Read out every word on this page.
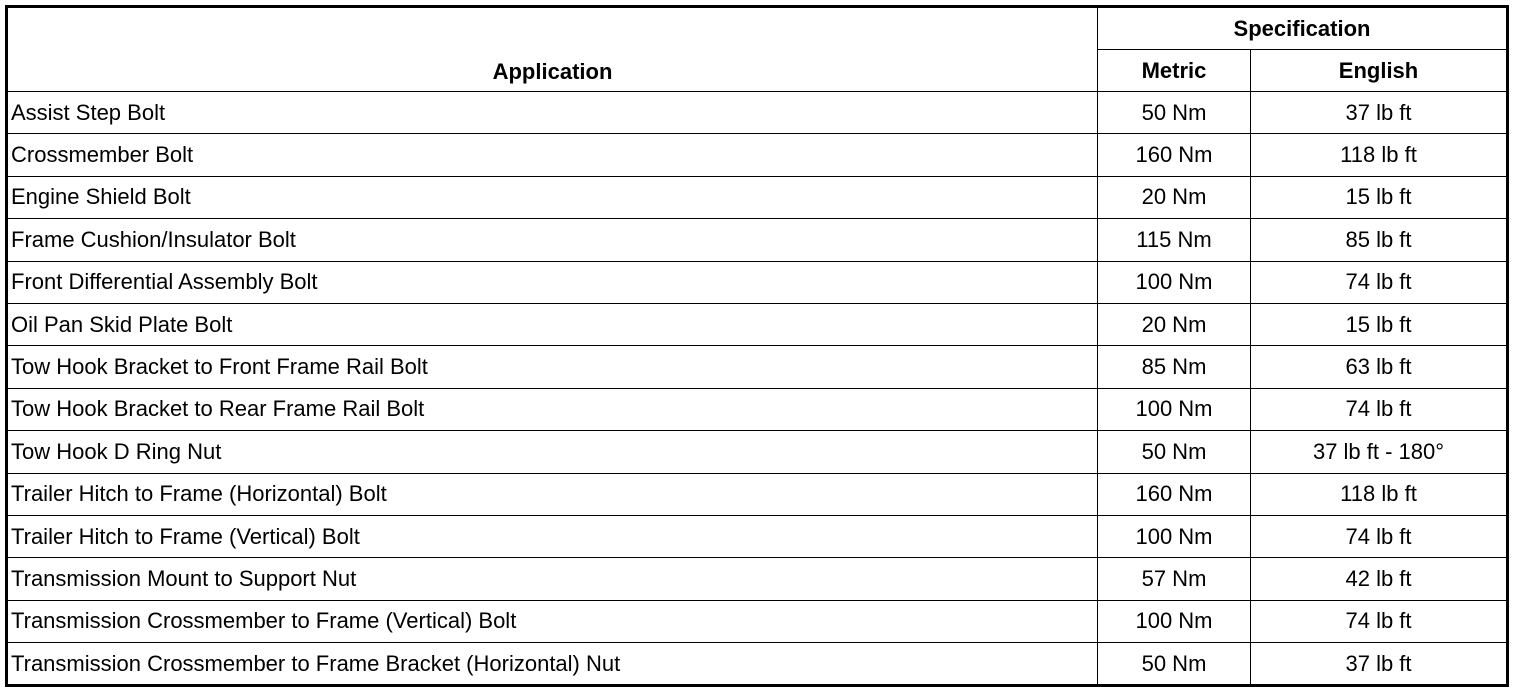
Application	Specification	
	Metric	English
Assist Step Bolt	50 Nm	37 lb ft
Crossmember Bolt	160 Nm	118 lb ft
Engine Shield Bolt	20 Nm	15 lb ft
Frame Cushion/Insulator Bolt	115 Nm	85 lb ft
Front Differential Assembly Bolt	100 Nm	74 lb ft
Oil Pan Skid Plate Bolt	20 Nm	15 lb ft
Tow Hook Bracket to Front Frame Rail Bolt	85 Nm	63 lb ft
Tow Hook Bracket to Rear Frame Rail Bolt	100 Nm	74 lb ft
Tow Hook D Ring Nut	50 Nm	37 lb ft - 180°
Trailer Hitch to Frame (Horizontal) Bolt	160 Nm	118 lb ft
Trailer Hitch to Frame (Vertical) Bolt	100 Nm	74 lb ft
Transmission Mount to Support Nut	57 Nm	42 lb ft
Transmission Crossmember to Frame (Vertical) Bolt	100 Nm	74 lb ft
Transmission Crossmember to Frame Bracket (Horizontal) Nut	50 Nm	37 lb ft
